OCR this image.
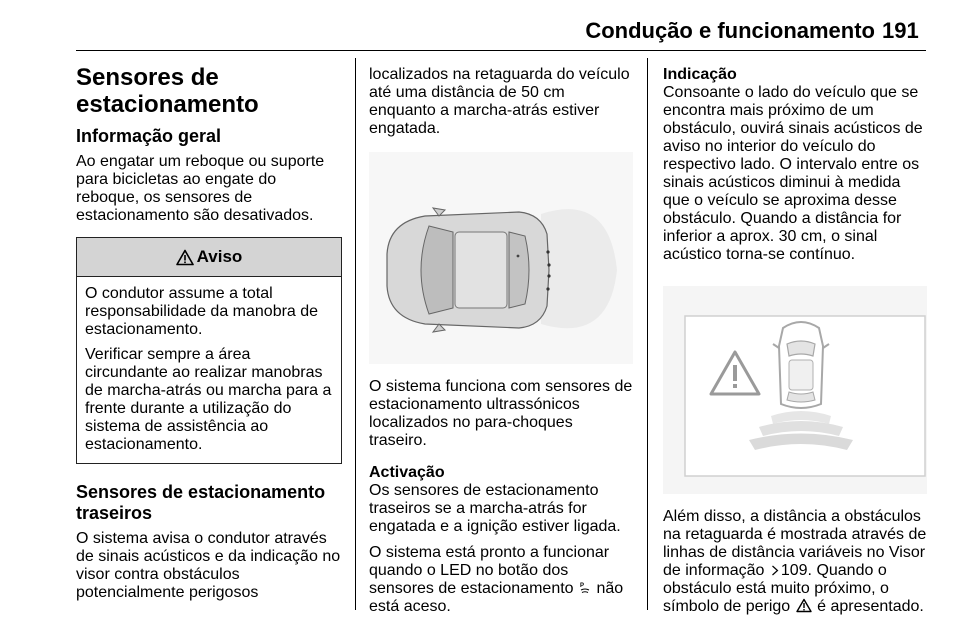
Condução e funcionamento 191
Sensores de estacionamento
Informação geral

Ao engatar um reboque ou suporte para bicicletas ao engate do reboque, os sensores de estacionamento são desativados.

Aviso

O condutor assume a total responsabilidade da manobra de estacionamento.

Verificar sempre a área circundante ao realizar manobras de marcha-atrás ou marcha para a frente durante a utilização do sistema de assistência ao estacionamento.

Sensores de estacionamento traseiros

O sistema avisa o condutor através de sinais acústicos e da indicação no visor contra obstáculos potencialmente perigosos

localizados na retaguarda do veículo até uma distância de 50 cm enquanto a marcha-atrás estiver engatada.

O sistema funciona com sensores de estacionamento ultrassónicos localizados no para-choques traseiro.

Activação

Os sensores de estacionamento traseiros se a marcha-atrás for engatada e a ignição estiver ligada.

O sistema está pronto a funcionar quando o LED no botão dos sensores de estacionamento P não está aceso.

Indicação

Consoante o lado do veículo que se encontra mais próximo de um obstáculo, ouvirá sinais acústicos de aviso no interior do veículo do respectivo lado. O intervalo entre os sinais acústicos diminui à medida que o veículo se aproxima desse obstáculo. Quando a distância for inferior a aprox. 30 cm, o sinal acústico torna-se contínuo.

Além disso, a distância a obstáculos na retaguarda é mostrada através de linhas de distância variáveis no Visor de informação 109. Quando o obstáculo está muito próximo, o símbolo de perigo é apresentado.
